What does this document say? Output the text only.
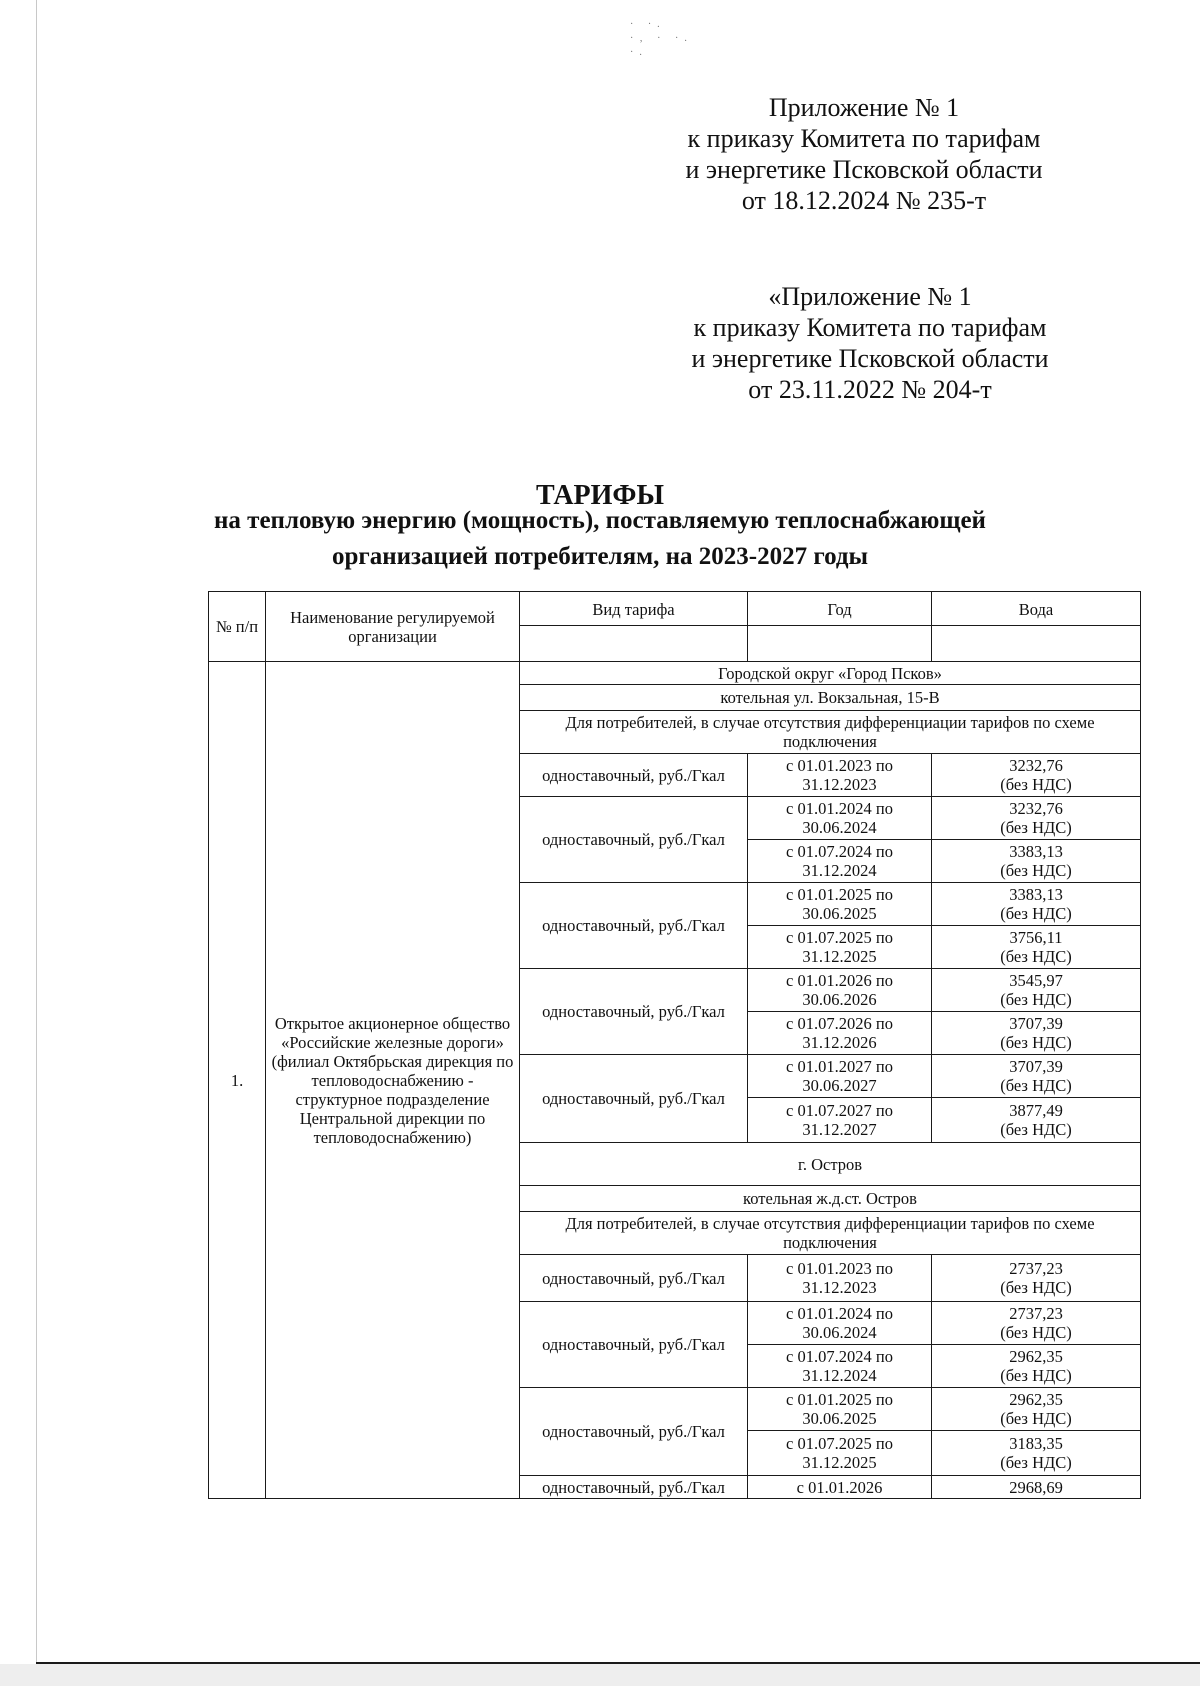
· ·.
·‚ · ·.
·.
Приложение № 1
к приказу Комитета по тарифам
и энергетике Псковской области
от 18.12.2024 № 235-т
«Приложение № 1
к приказу Комитета по тарифам
и энергетике Псковской области
от 23.11.2022 № 204-т
ТАРИФЫ
на тепловую энергию (мощность), поставляемую теплоснабжающей
организацией потребителям, на 2023-2027 годы
№ п/п	Наименование регулируемой организации	Вид тарифа	Год	Вода

1.	Открытое акционерное общество «Российские железные дороги» (филиал Октябрьская дирекция по тепловодоснабжению - структурное подразделение Центральной дирекции по тепловодоснабжению)	Городской округ «Город Псков»		
		котельная ул. Вокзальная, 15-В		
		Для потребителей, в случае отсутствия дифференциации тарифов по схеме подключения		
		одноставочный, руб./Гкал	с 01.01.2023 по 31.12.2023	3232,76
(без НДС)

		одноставочный, руб./Гкал	с 01.01.2024 по 30.06.2024	3232,76
(без НДС)

			с 01.07.2024 по 31.12.2024	3383,13
(без НДС)

		одноставочный, руб./Гкал	с 01.01.2025 по 30.06.2025	3383,13
(без НДС)

			с 01.07.2025 по 31.12.2025	3756,11
(без НДС)

		одноставочный, руб./Гкал	с 01.01.2026 по 30.06.2026	3545,97
(без НДС)

			с 01.07.2026 по 31.12.2026	3707,39
(без НДС)

		одноставочный, руб./Гкал	с 01.01.2027 по 30.06.2027	3707,39
(без НДС)

			с 01.07.2027 по 31.12.2027	3877,49
(без НДС)

		г. Остров		
		котельная ж.д.ст. Остров		
		Для потребителей, в случае отсутствия дифференциации тарифов по схеме подключения		
		одноставочный, руб./Гкал	с 01.01.2023 по 31.12.2023	2737,23
(без НДС)

		одноставочный, руб./Гкал	с 01.01.2024 по 30.06.2024	2737,23
(без НДС)

			с 01.07.2024 по 31.12.2024	2962,35
(без НДС)

		одноставочный, руб./Гкал	с 01.01.2025 по 30.06.2025	2962,35
(без НДС)

			с 01.07.2025 по 31.12.2025	3183,35
(без НДС)

		одноставочный, руб./Гкал	с 01.01.2026	2968,69
